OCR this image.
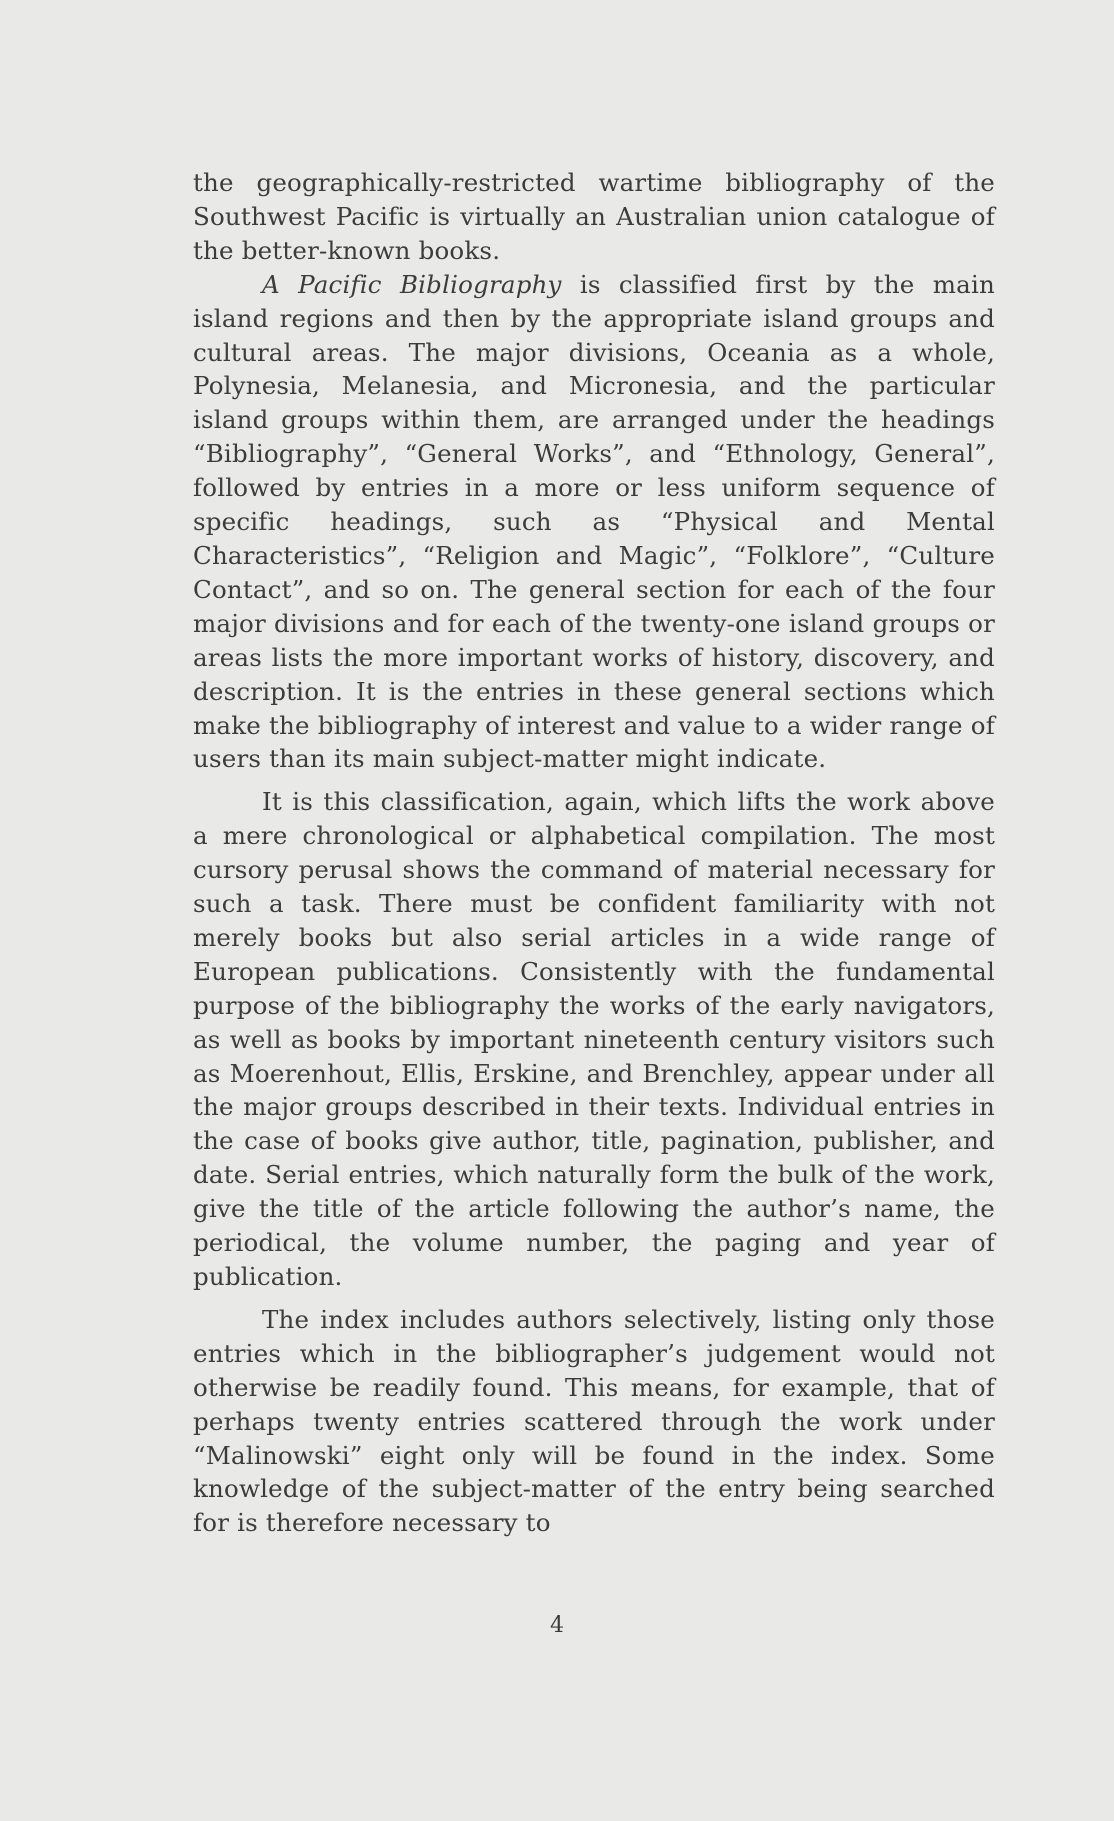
the geographically-restricted wartime bibliography of the Southwest Pacific is virtually an Australian union catalogue of the better-known books.

A Pacific Bibliography is classified first by the main island regions and then by the appropriate island groups and cultural areas. The major divisions, Oceania as a whole, Polynesia, Melanesia, and Micronesia, and the particular island groups within them, are arranged under the headings “Bibliography”, “General Works”, and “Ethnology, General”, followed by entries in a more or less uniform sequence of specific headings, such as “Physical and Mental Characteristics”, “Religion and Magic”, “Folklore”, “Culture Contact”, and so on. The general section for each of the four major divisions and for each of the twenty-one island groups or areas lists the more important works of history, discovery, and description. It is the entries in these general sections which make the bibliography of interest and value to a wider range of users than its main subject-matter might indicate.

It is this classification, again, which lifts the work above a mere chronological or alphabetical compilation. The most cursory perusal shows the command of material necessary for such a task. There must be confident familiarity with not merely books but also serial articles in a wide range of European publications. Consistently with the fundamental purpose of the bibliography the works of the early navigators, as well as books by important nineteenth century visitors such as Moerenhout, Ellis, Erskine, and Brenchley, appear under all the major groups described in their texts. Individual entries in the case of books give author, title, pagination, publisher, and date. Serial entries, which naturally form the bulk of the work, give the title of the article following the author’s name, the periodical, the volume number, the paging and year of publication.

The index includes authors selectively, listing only those entries which in the bibliographer’s judgement would not otherwise be readily found. This means, for example, that of perhaps twenty entries scattered through the work under “Malinowski” eight only will be found in the index. Some knowledge of the subject-matter of the entry being searched for is therefore necessary to

4
